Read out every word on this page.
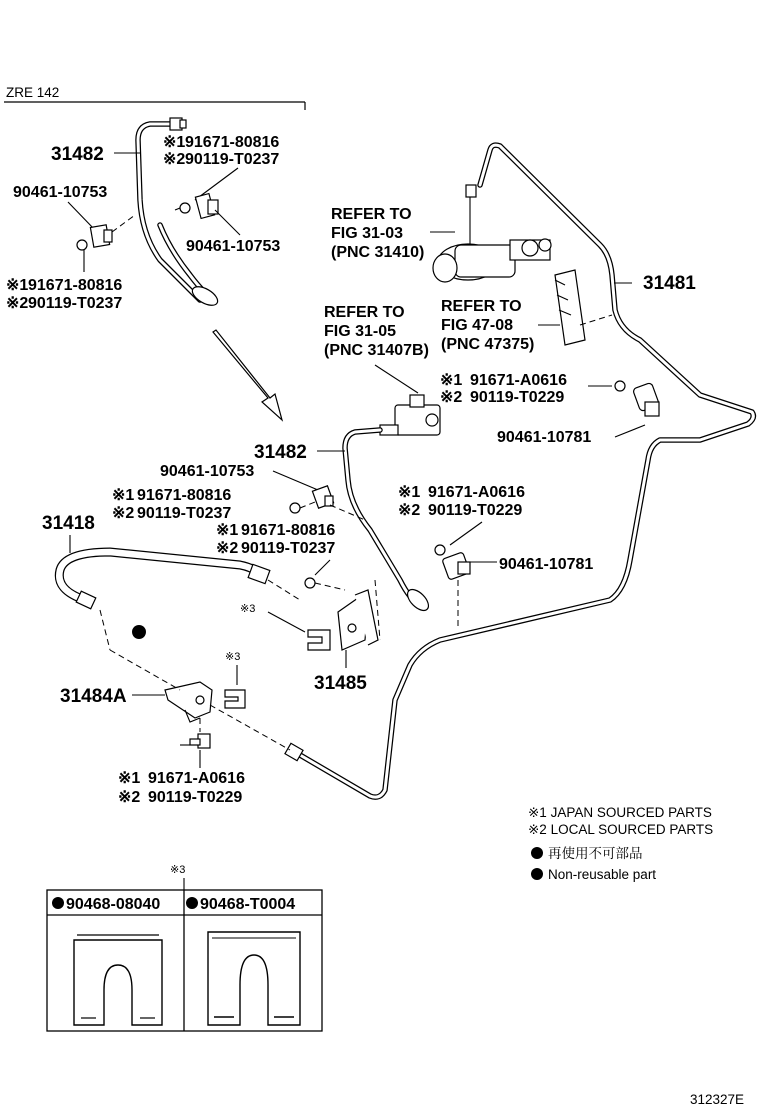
ZRE 142
31482
※1 91671-80816
※2 90119-T0237
90461-10753
90461-10753
※1 91671-80816
※2 90119-T0237
REFER TO
FIG 31-03
(PNC 31410)
31481
REFER TO
FIG 47-08
(PNC 47375)
REFER TO
FIG 31-05
(PNC 31407B)
31482
※1 91671-A0616
※2 90119-T0229
90461-10781
90461-10753
※1 91671-80816
※2 90119-T0237
※1 91671-80816
※2 90119-T0237
※1 91671-A0616
※2 90119-T0229
90461-10781
31418
31485
※3
※3
31484A
※1 91671-A0616
※2 90119-T0229
※1 JAPAN SOURCED PARTS
※2 LOCAL SOURCED PARTS
再使用不可部品
Non-reusable part
※3
90468-08040 90468-T0004
312327E
